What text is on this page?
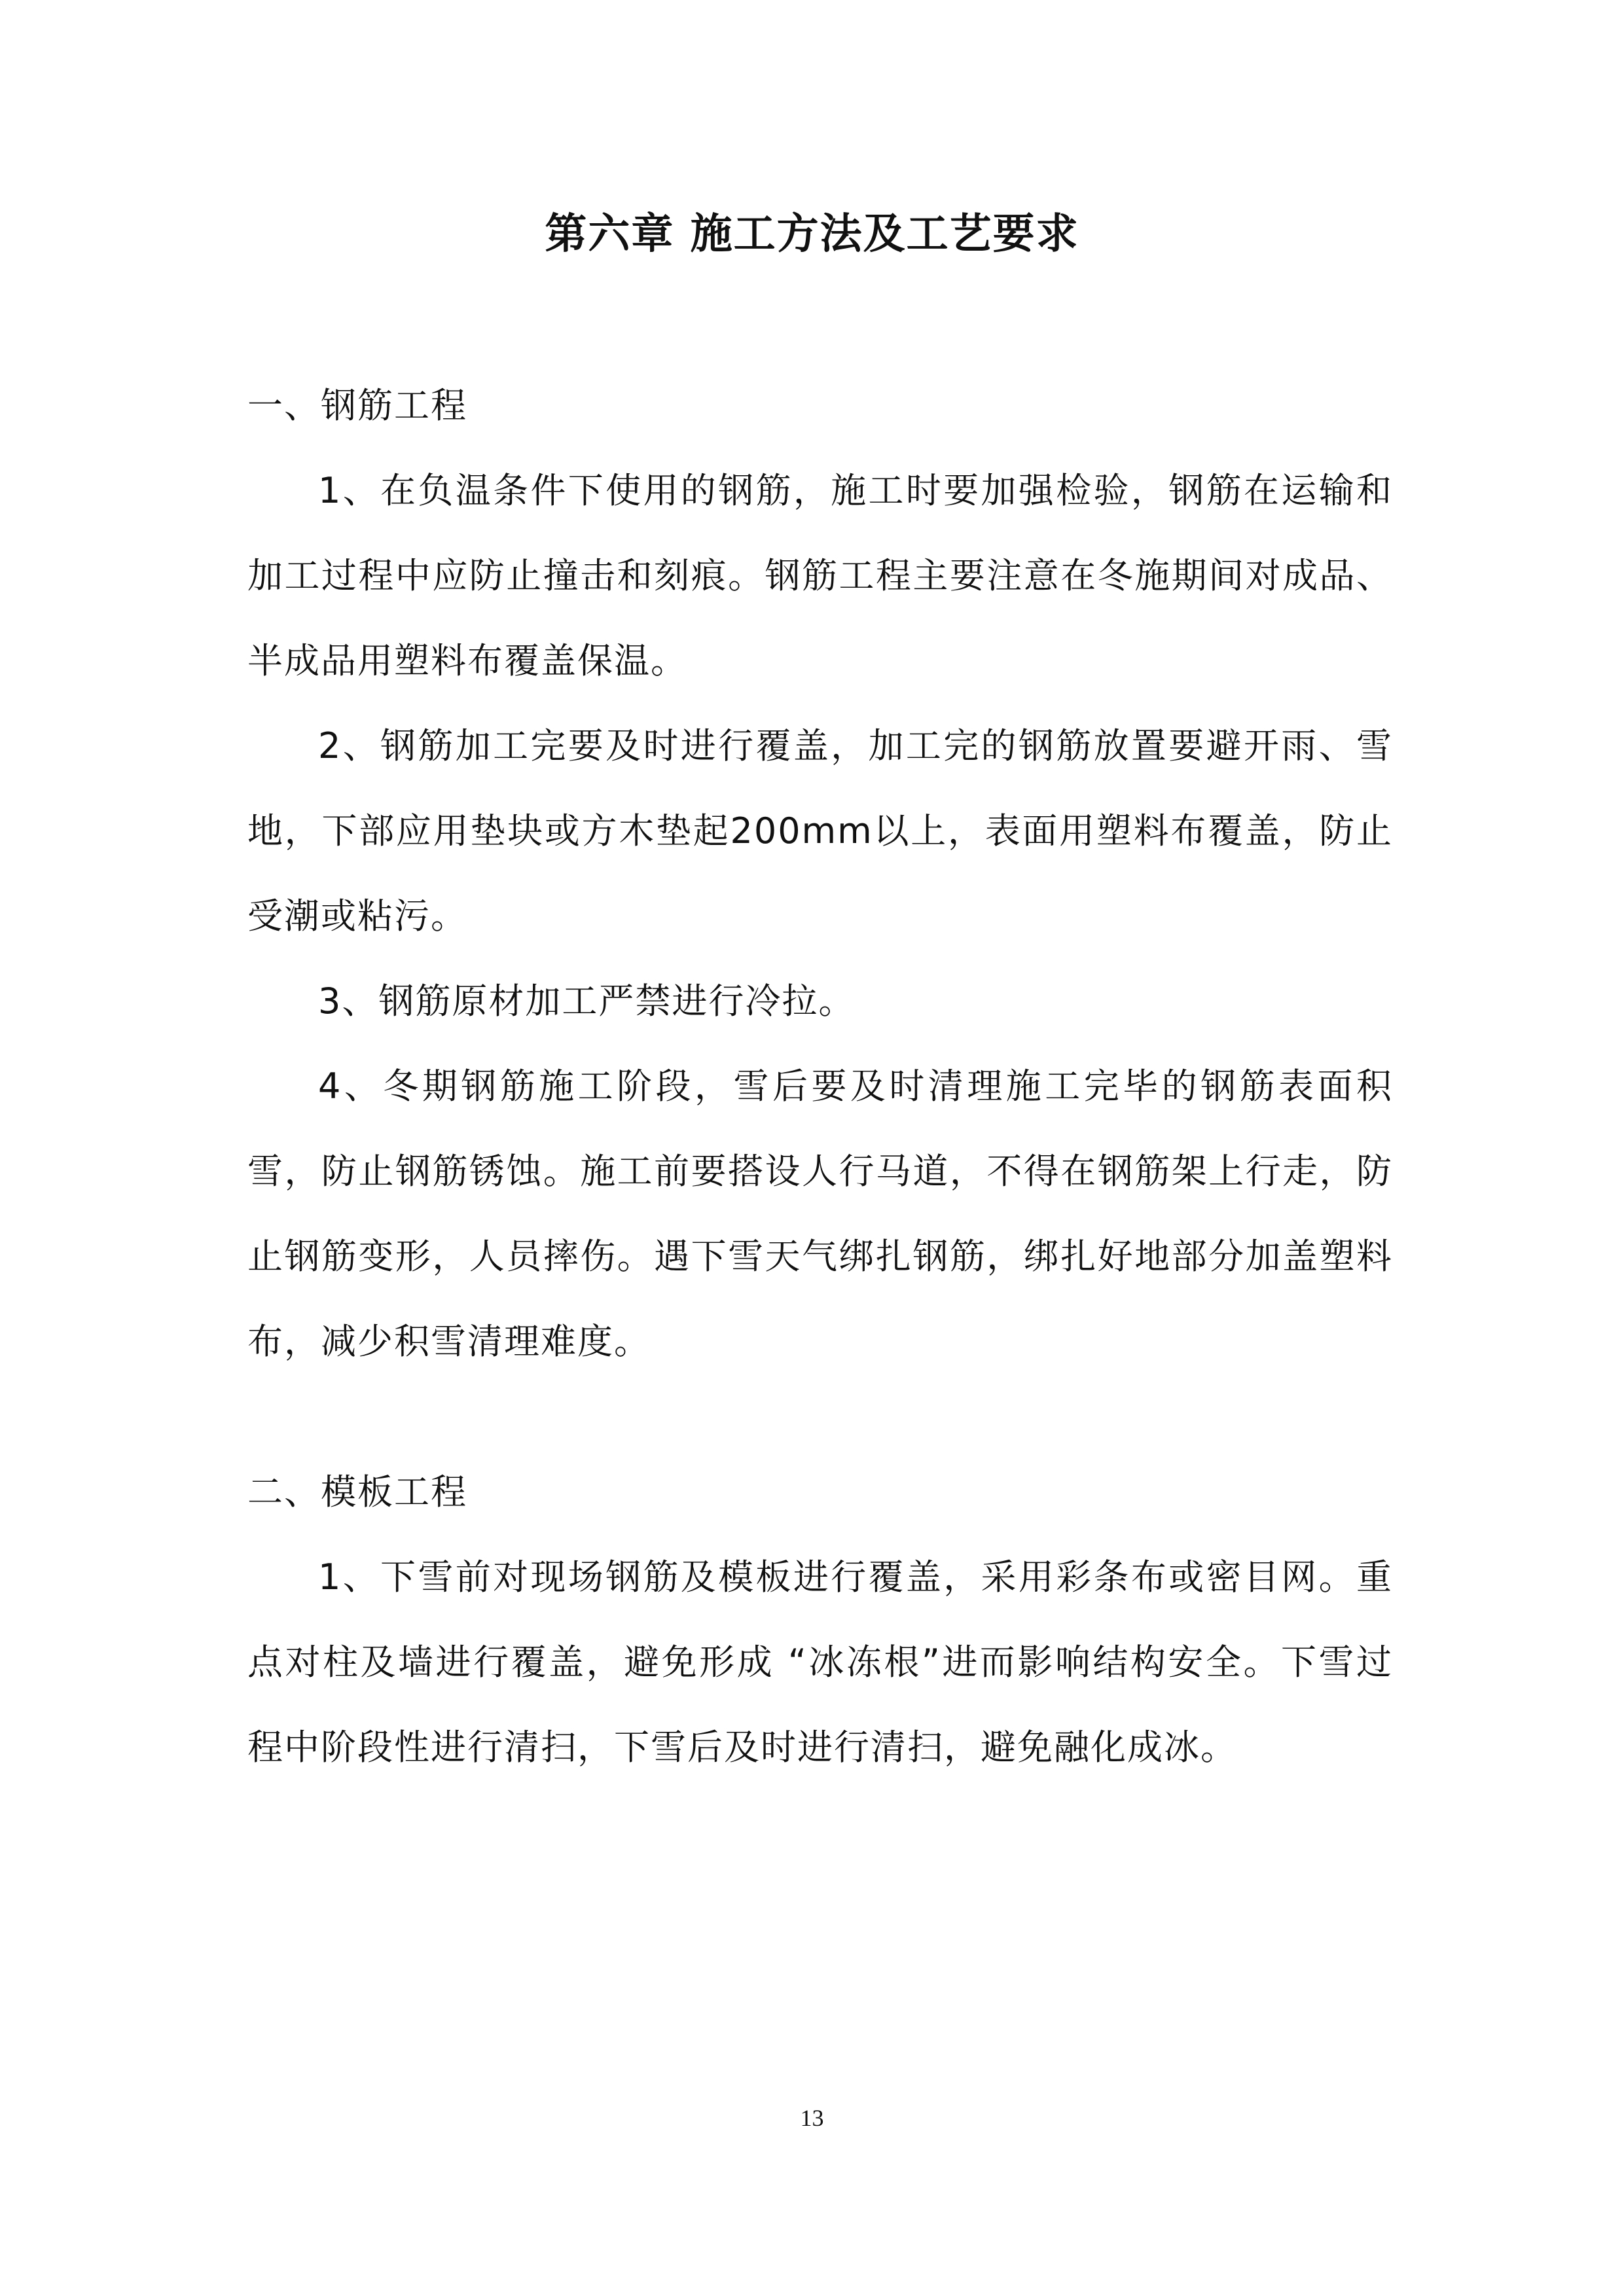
第六章 施工方法及工艺要求

一、钢筋工程

1、在负温条件下使用的钢筋，施工时要加强检验，钢筋在运输和加工过程中应防止撞击和刻痕。钢筋工程主要注意在冬施期间对成品、半成品用塑料布覆盖保温。

2、钢筋加工完要及时进行覆盖，加工完的钢筋放置要避开雨、雪地，下部应用垫块或方木垫起200mm以上，表面用塑料布覆盖，防止受潮或粘污。

3、钢筋原材加工严禁进行冷拉。

4、冬期钢筋施工阶段，雪后要及时清理施工完毕的钢筋表面积雪，防止钢筋锈蚀。施工前要搭设人行马道，不得在钢筋架上行走，防止钢筋变形，人员摔伤。遇下雪天气绑扎钢筋，绑扎好地部分加盖塑料布，减少积雪清理难度。

二、模板工程

1、下雪前对现场钢筋及模板进行覆盖，采用彩条布或密目网。重点对柱及墙进行覆盖，避免形成 “冰冻根”进而影响结构安全。下雪过程中阶段性进行清扫，下雪后及时进行清扫，避免融化成冰。

13
